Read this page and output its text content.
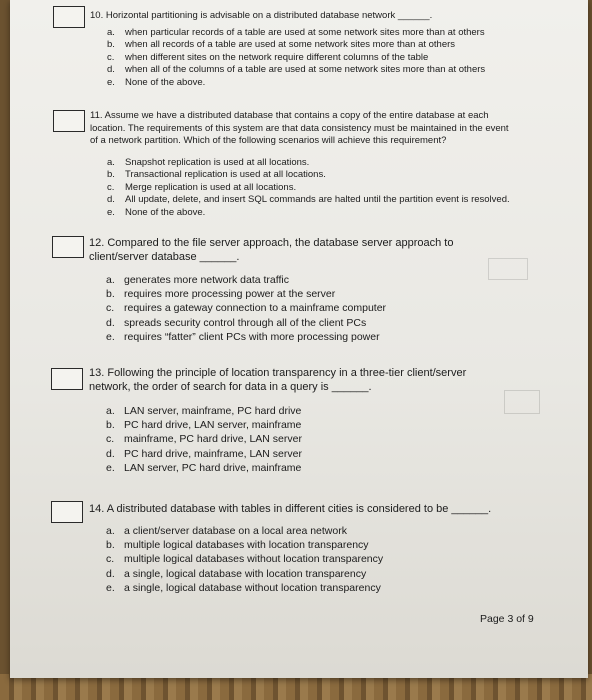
10. Horizontal partitioning is advisable on a distributed database network ______.
a. when particular records of a table are used at some network sites more than at others
b. when all records of a table are used at some network sites more than at others
c. when different sites on the network require different columns of the table
d. when all of the columns of a table are used at some network sites more than at others
e. None of the above.
11. Assume we have a distributed database that contains a copy of the entire database at each location. The requirements of this system are that data consistency must be maintained in the event of a network partition. Which of the following scenarios will achieve this requirement?
a. Snapshot replication is used at all locations.
b. Transactional replication is used at all locations.
c. Merge replication is used at all locations.
d. All update, delete, and insert SQL commands are halted until the partition event is resolved.
e. None of the above.
12. Compared to the file server approach, the database server approach to client/server database ______.
a. generates more network data traffic
b. requires more processing power at the server
c. requires a gateway connection to a mainframe computer
d. spreads security control through all of the client PCs
e. requires “fatter” client PCs with more processing power
13. Following the principle of location transparency in a three-tier client/server network, the order of search for data in a query is ______.
a. LAN server, mainframe, PC hard drive
b. PC hard drive, LAN server, mainframe
c. mainframe, PC hard drive, LAN server
d. PC hard drive, mainframe, LAN server
e. LAN server, PC hard drive, mainframe
14. A distributed database with tables in different cities is considered to be ______.
a. a client/server database on a local area network
b. multiple logical databases with location transparency
c. multiple logical databases without location transparency
d. a single, logical database with location transparency
e. a single, logical database without location transparency
Page 3 of 9
